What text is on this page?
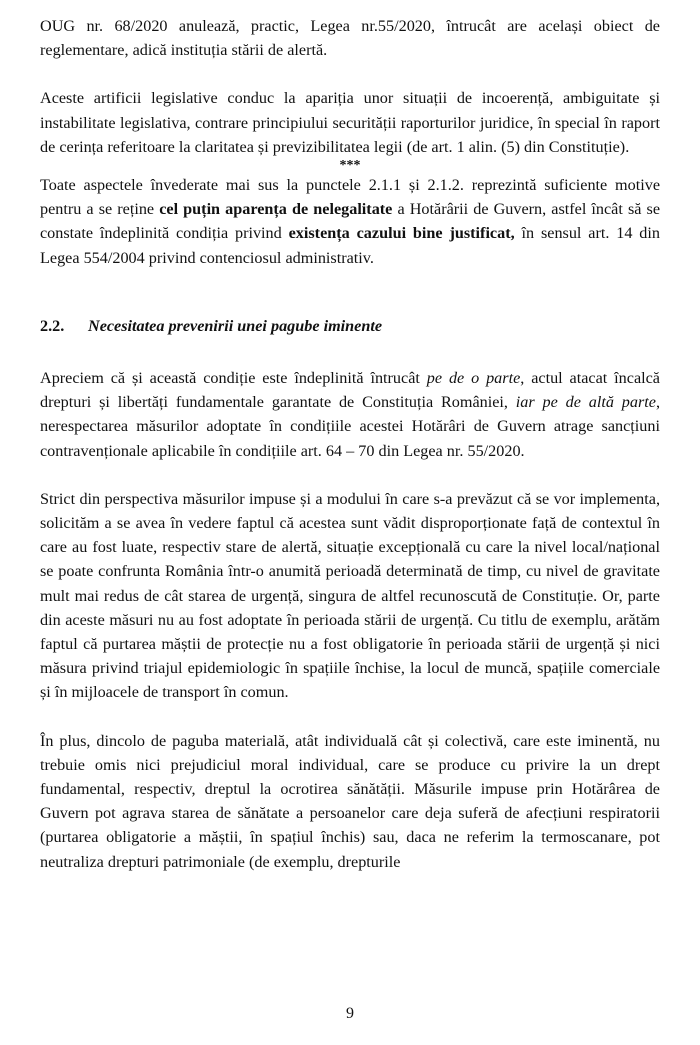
OUG nr. 68/2020 anulează, practic, Legea nr.55/2020, întrucât are același obiect de reglementare, adică instituția stării de alertă.

Aceste artificii legislative conduc la apariția unor situații de incoerență, ambiguitate și instabilitate legislativa, contrare principiului securității raporturilor juridice, în special în raport de cerința referitoare la claritatea și previzibilitatea legii (de art. 1 alin. (5) din Constituție).

***

Toate aspectele învederate mai sus la punctele 2.1.1 și 2.1.2. reprezintă suficiente motive pentru a se reține cel puțin aparența de nelegalitate a Hotărârii de Guvern, astfel încât să se constate îndeplinită condiția privind existența cazului bine justificat, în sensul art. 14 din Legea 554/2004 privind contenciosul administrativ.

2.2. Necesitatea prevenirii unei pagube iminente

Apreciem că și această condiție este îndeplinită întrucât pe de o parte, actul atacat încalcă drepturi și libertăți fundamentale garantate de Constituția României, iar pe de altă parte, nerespectarea măsurilor adoptate în condițiile acestei Hotărâri de Guvern atrage sancțiuni contravenționale aplicabile în condițiile art. 64 – 70 din Legea nr. 55/2020.

Strict din perspectiva măsurilor impuse și a modului în care s-a prevăzut că se vor implementa, solicităm a se avea în vedere faptul că acestea sunt vădit disproporționate față de contextul în care au fost luate, respectiv stare de alertă, situație excepțională cu care la nivel local/național se poate confrunta România într-o anumită perioadă determinată de timp, cu nivel de gravitate mult mai redus de cât starea de urgență, singura de altfel recunoscută de Constituție. Or, parte din aceste măsuri nu au fost adoptate în perioada stării de urgență. Cu titlu de exemplu, arătăm faptul că purtarea măștii de protecție nu a fost obligatorie în perioada stării de urgență și nici măsura privind triajul epidemiologic în spațiile închise, la locul de muncă, spațiile comerciale și în mijloacele de transport în comun.

În plus, dincolo de paguba materială, atât individuală cât și colectivă, care este iminentă, nu trebuie omis nici prejudiciul moral individual, care se produce cu privire la un drept fundamental, respectiv, dreptul la ocrotirea sănătății. Măsurile impuse prin Hotărârea de Guvern pot agrava starea de sănătate a persoanelor care deja suferă de afecțiuni respiratorii (purtarea obligatorie a măștii, în spațiul închis) sau, daca ne referim la termoscanare, pot neutraliza drepturi patrimoniale (de exemplu, drepturile

9
